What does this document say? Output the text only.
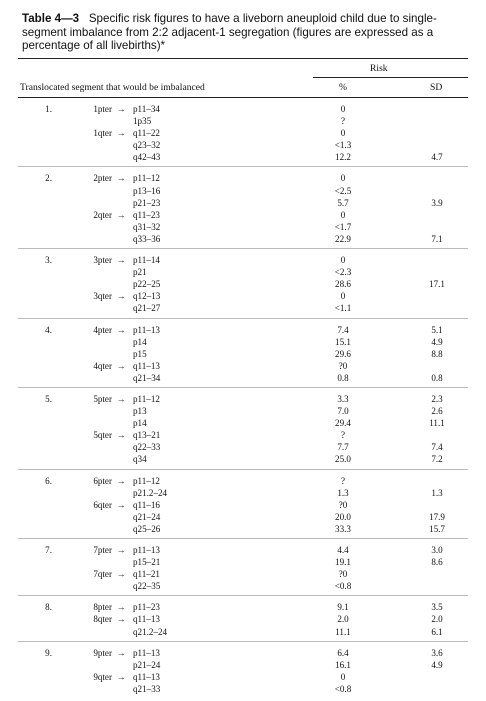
Table 4—3 Specific risk figures to have a liveborn aneuploid child due to single-segment imbalance from 2:2 adjacent-1 segregation (figures are expressed as a percentage of all livebirths)*
Risk
Translocated segment that would be imbalanced	%	SD
1.	1pter → p11–34	0
1p35	?
1qter → q11–22	0
q23–32	<1.3
q42–43	12.2	4.7
2.	2pter → p11–12	0
p13–16	<2.5
p21–23	5.7	3.9
2qter → q11–23	0
q31–32	<1.7
q33–36	22.9	7.1
3.	3pter → p11–14	0
p21	<2.3
p22–25	28.6	17.1
3qter → q12–13	0
q21–27	<1.1
4.	4pter → p11–13	7.4	5.1
p14	15.1	4.9
p15	29.6	8.8
4qter → q11–13	?0
q21–34	0.8	0.8
5.	5pter → p11–12	3.3	2.3
p13	7.0	2.6
p14	29.4	11.1
5qter → q13–21	?
q22–33	7.7	7.4
q34	25.0	7.2
6.	6pter → p11–12	?
p21.2–24	1.3	1.3
6qter → q11–16	?0
q21–24	20.0	17.9
q25–26	33.3	15.7
7.	7pter → p11–13	4.4	3.0
p15–21	19.1	8.6
7qter → q11–21	?0
q22–35	<0.8
8.	8pter → p11–23	9.1	3.5
8qter → q11–13	2.0	2.0
q21.2–24	11.1	6.1
9.	9pter → p11–13	6.4	3.6
p21–24	16.1	4.9
9qter → q11–13	0
q21–33	<0.8
